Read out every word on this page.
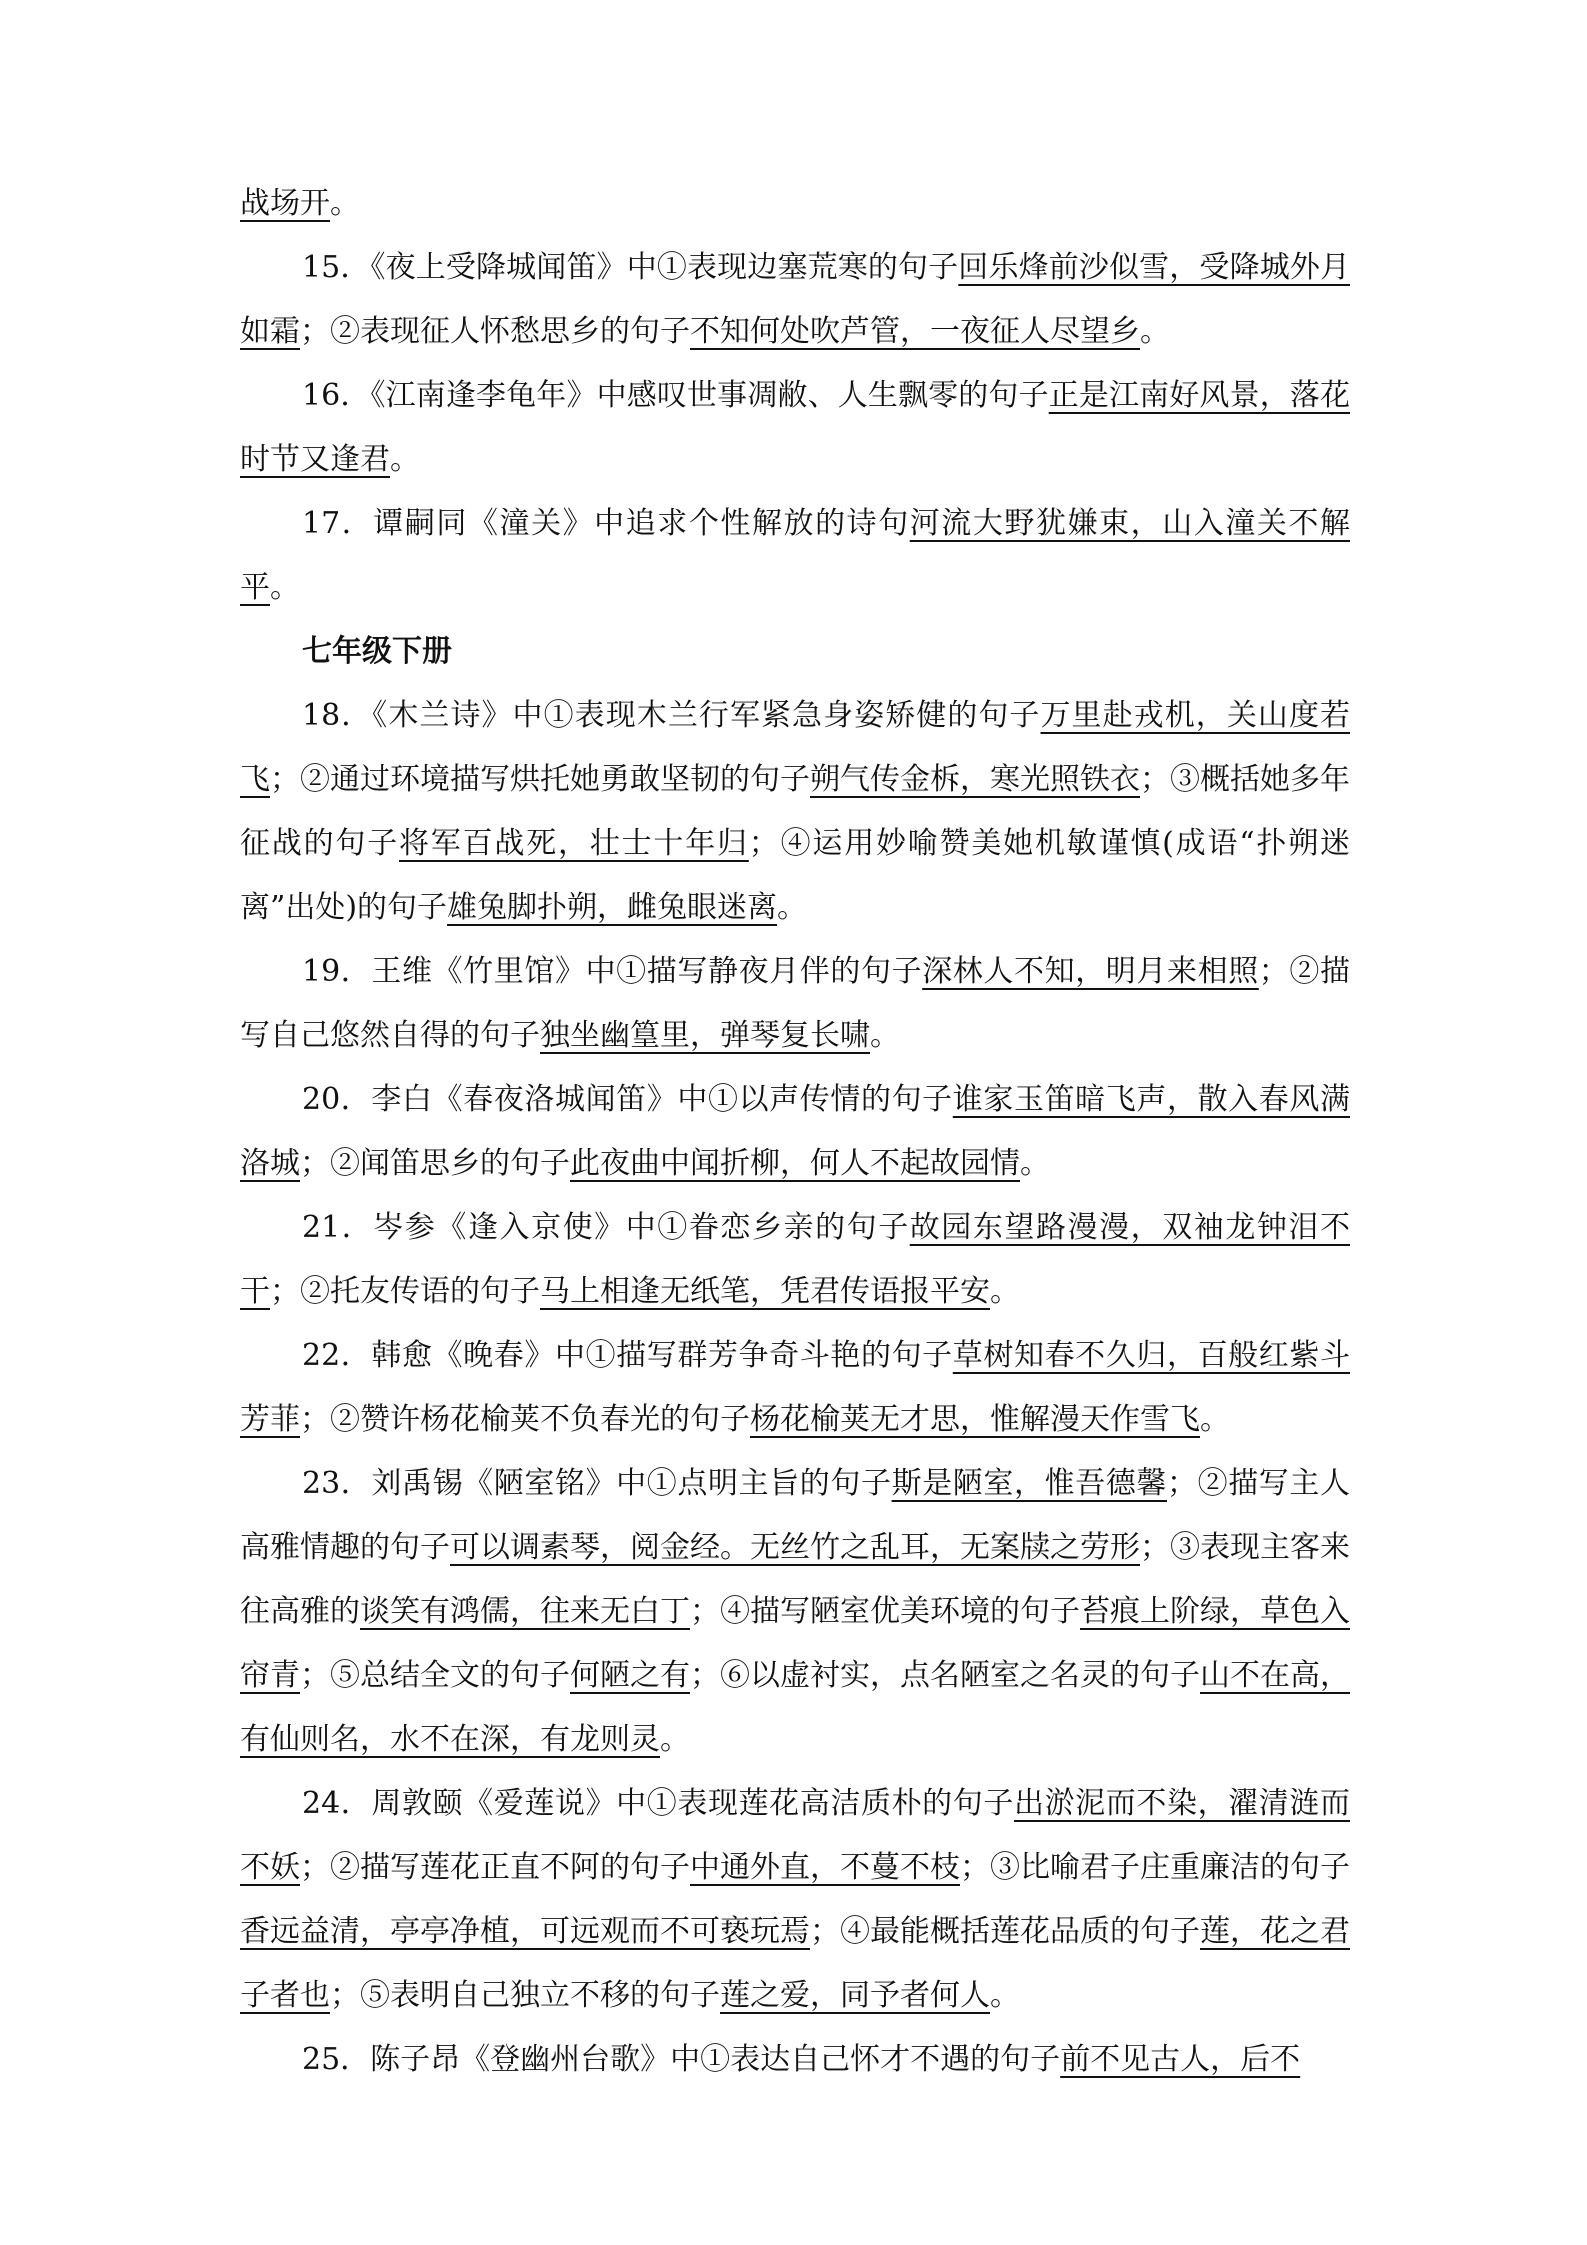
战场开。

15．《夜上受降城闻笛》中①表现边塞荒寒的句子回乐烽前沙似雪，受降城外月如霜；②表现征人怀愁思乡的句子不知何处吹芦管，一夜征人尽望乡。

16．《江南逢李龟年》中感叹世事凋敝、人生飘零的句子正是江南好风景，落花时节又逢君。

17．谭嗣同《潼关》中追求个性解放的诗句河流大野犹嫌束，山入潼关不解平。

七年级下册

18．《木兰诗》中①表现木兰行军紧急身姿矫健的句子万里赴戎机，关山度若飞；②通过环境描写烘托她勇敢坚韧的句子朔气传金柝，寒光照铁衣；③概括她多年征战的句子将军百战死，壮士十年归；④运用妙喻赞美她机敏谨慎(成语“扑朔迷离”出处)的句子雄兔脚扑朔，雌兔眼迷离。

19．王维《竹里馆》中①描写静夜月伴的句子深林人不知，明月来相照；②描写自己悠然自得的句子独坐幽篁里，弹琴复长啸。

20．李白《春夜洛城闻笛》中①以声传情的句子谁家玉笛暗飞声，散入春风满洛城；②闻笛思乡的句子此夜曲中闻折柳，何人不起故园情。

21．岑参《逢入京使》中①眷恋乡亲的句子故园东望路漫漫，双袖龙钟泪不干；②托友传语的句子马上相逢无纸笔，凭君传语报平安。

22．韩愈《晚春》中①描写群芳争奇斗艳的句子草树知春不久归，百般红紫斗芳菲；②赞许杨花榆荚不负春光的句子杨花榆荚无才思，惟解漫天作雪飞。

23．刘禹锡《陋室铭》中①点明主旨的句子斯是陋室，惟吾德馨；②描写主人高雅情趣的句子可以调素琴，阅金经。无丝竹之乱耳，无案牍之劳形；③表现主客来往高雅的谈笑有鸿儒，往来无白丁；④描写陋室优美环境的句子苔痕上阶绿，草色入帘青；⑤总结全文的句子何陋之有；⑥以虚衬实，点名陋室之名灵的句子山不在高，有仙则名，水不在深，有龙则灵。

24．周敦颐《爱莲说》中①表现莲花高洁质朴的句子出淤泥而不染，濯清涟而不妖；②描写莲花正直不阿的句子中通外直，不蔓不枝；③比喻君子庄重廉洁的句子香远益清，亭亭净植，可远观而不可亵玩焉；④最能概括莲花品质的句子莲，花之君子者也；⑤表明自己独立不移的句子莲之爱，同予者何人。

25．陈子昂《登幽州台歌》中①表达自己怀才不遇的句子前不见古人，后不
